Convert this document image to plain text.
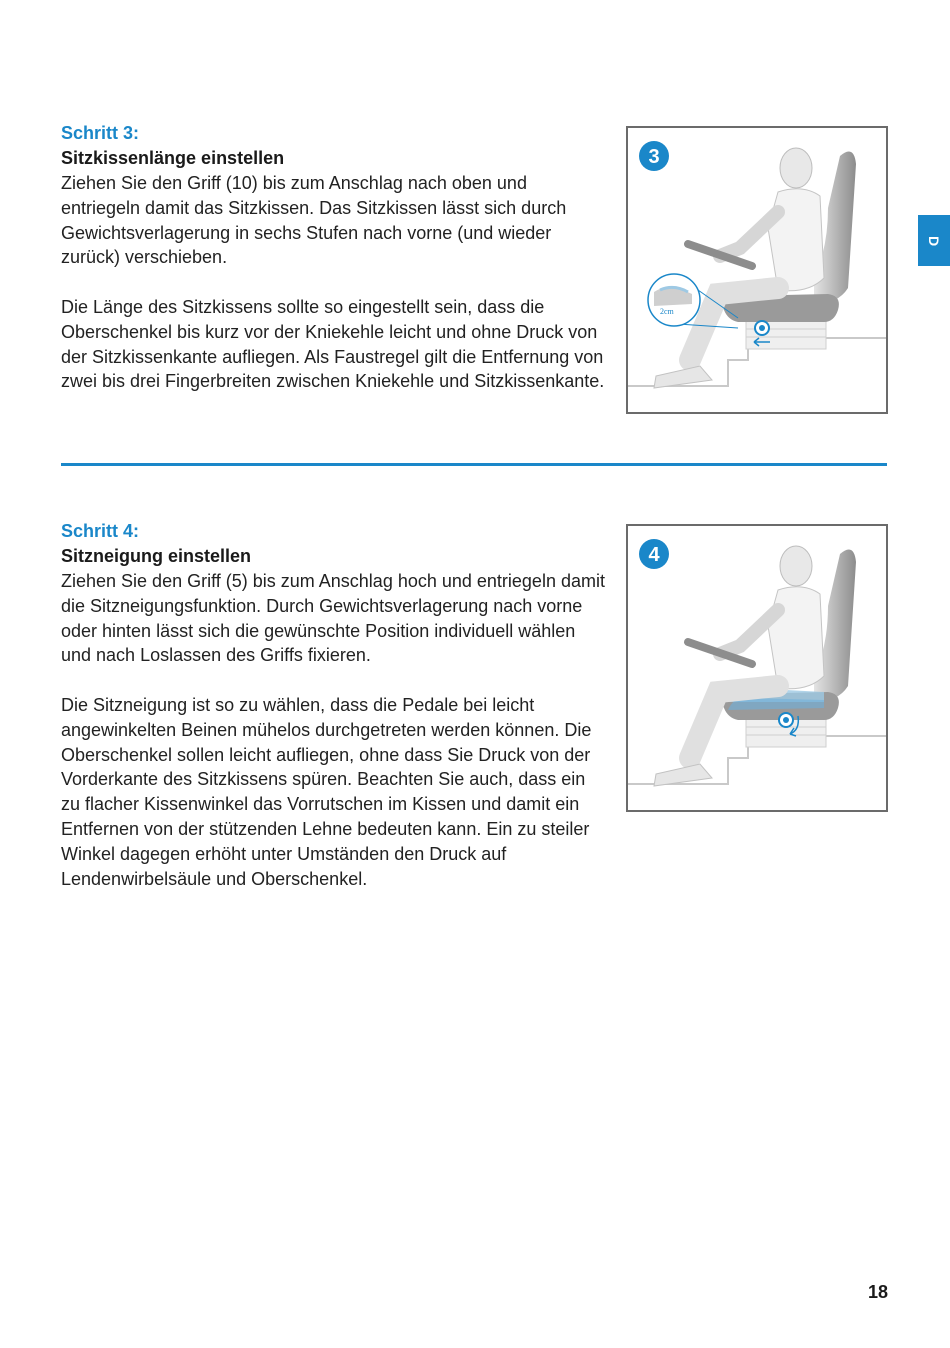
D
Schritt 3:
Sitzkissenlänge einstellen

Ziehen Sie den Griff (10) bis zum Anschlag nach oben und entriegeln damit das Sitzkissen. Das Sitzkissen lässt sich durch Gewichtsverlagerung in sechs Stufen nach vorne (und wieder zurück) verschieben.

Die Länge des Sitzkissens sollte so eingestellt sein, dass die Oberschenkel bis kurz vor der Kniekehle leicht und ohne Druck von der Sitzkissenkante aufliegen. Als Faustregel gilt die Entfernung von zwei bis drei Fingerbreiten zwischen Kniekehle und Sitzkissenkante.

2cm
3
Schritt 4:
Sitzneigung einstellen

Ziehen Sie den Griff (5) bis zum Anschlag hoch und entriegeln damit die Sitzneigungsfunktion. Durch Gewichtsverlagerung nach vorne oder hinten lässt sich die gewünschte Position individuell wählen und nach Loslassen des Griffs fixieren.

Die Sitzneigung ist so zu wählen, dass die Pedale bei leicht angewinkelten Beinen mühelos durchgetreten werden können. Die Oberschenkel sollen leicht aufliegen, ohne dass Sie Druck von der Vorderkante des Sitzkissens spüren. Beachten Sie auch, dass ein zu flacher Kissenwinkel das Vorrutschen im Kissen und damit ein Entfernen von der stützenden Lehne bedeuten kann. Ein zu steiler Winkel dagegen erhöht unter Umständen den Druck auf Lendenwirbelsäule und Oberschenkel.

4
18
